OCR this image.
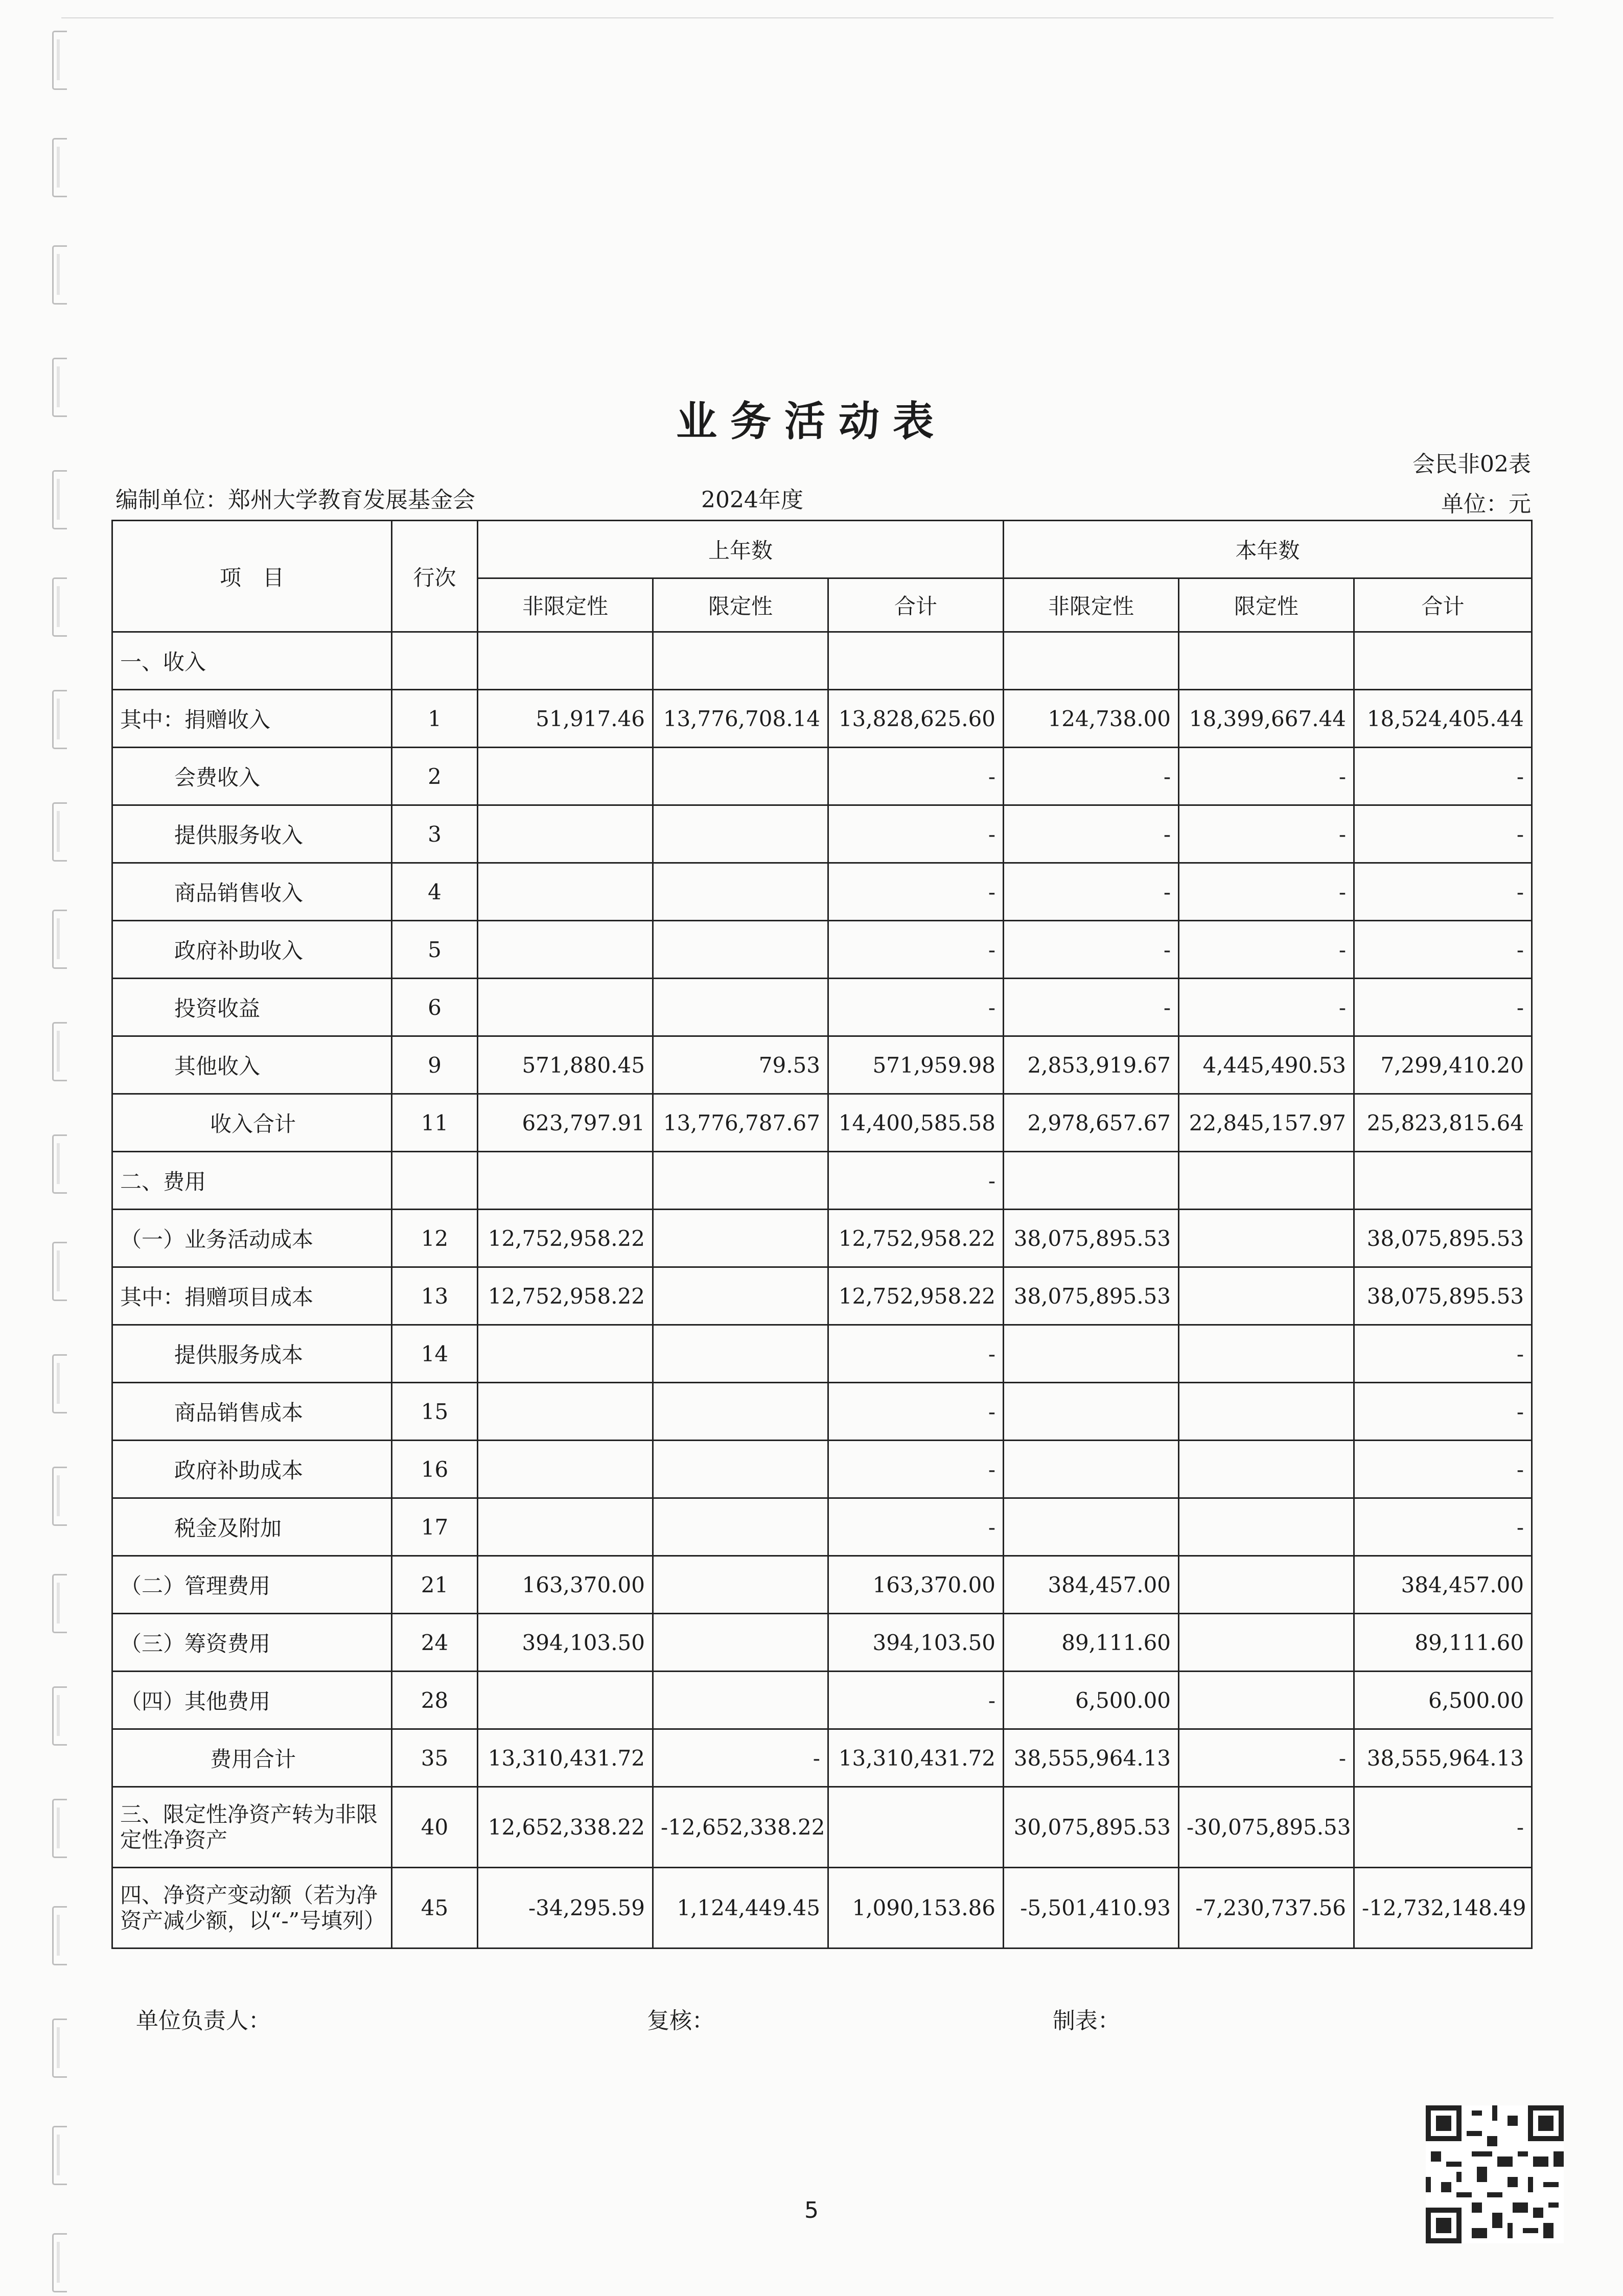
业务活动表
会民非02表
编制单位：郑州大学教育发展基金会	2024年度	单位：元
项　目	行次	上年数			本年数		
		非限定性	限定性	合计	非限定性	限定性	合计
一、收入							
其中：捐赠收入	1	51,917.46	13,776,708.14	13,828,625.60	124,738.00	18,399,667.44	18,524,405.44
会费收入	2			-	-	-	-
提供服务收入	3			-	-	-	-
商品销售收入	4			-	-	-	-
政府补助收入	5			-	-	-	-
投资收益	6			-	-	-	-
其他收入	9	571,880.45	79.53	571,959.98	2,853,919.67	4,445,490.53	7,299,410.20
收入合计	11	623,797.91	13,776,787.67	14,400,585.58	2,978,657.67	22,845,157.97	25,823,815.64
二、费用				-			
（一）业务活动成本	12	12,752,958.22		12,752,958.22	38,075,895.53		38,075,895.53
其中：捐赠项目成本	13	12,752,958.22		12,752,958.22	38,075,895.53		38,075,895.53
提供服务成本	14			-			-
商品销售成本	15			-			-
政府补助成本	16			-			-
税金及附加	17			-			-
（二）管理费用	21	163,370.00		163,370.00	384,457.00		384,457.00
（三）筹资费用	24	394,103.50		394,103.50	89,111.60		89,111.60
（四）其他费用	28			-	6,500.00		6,500.00
费用合计	35	13,310,431.72	-	13,310,431.72	38,555,964.13	-	38,555,964.13
三、限定性净资产转为非限定性净资产	40	12,652,338.22	-12,652,338.22		30,075,895.53	-30,075,895.53	-
四、净资产变动额（若为净资产减少额，以“-”号填列）	45	-34,295.59	1,124,449.45	1,090,153.86	-5,501,410.93	-7,230,737.56	-12,732,148.49
单位负责人：	复核：	制表：
5
